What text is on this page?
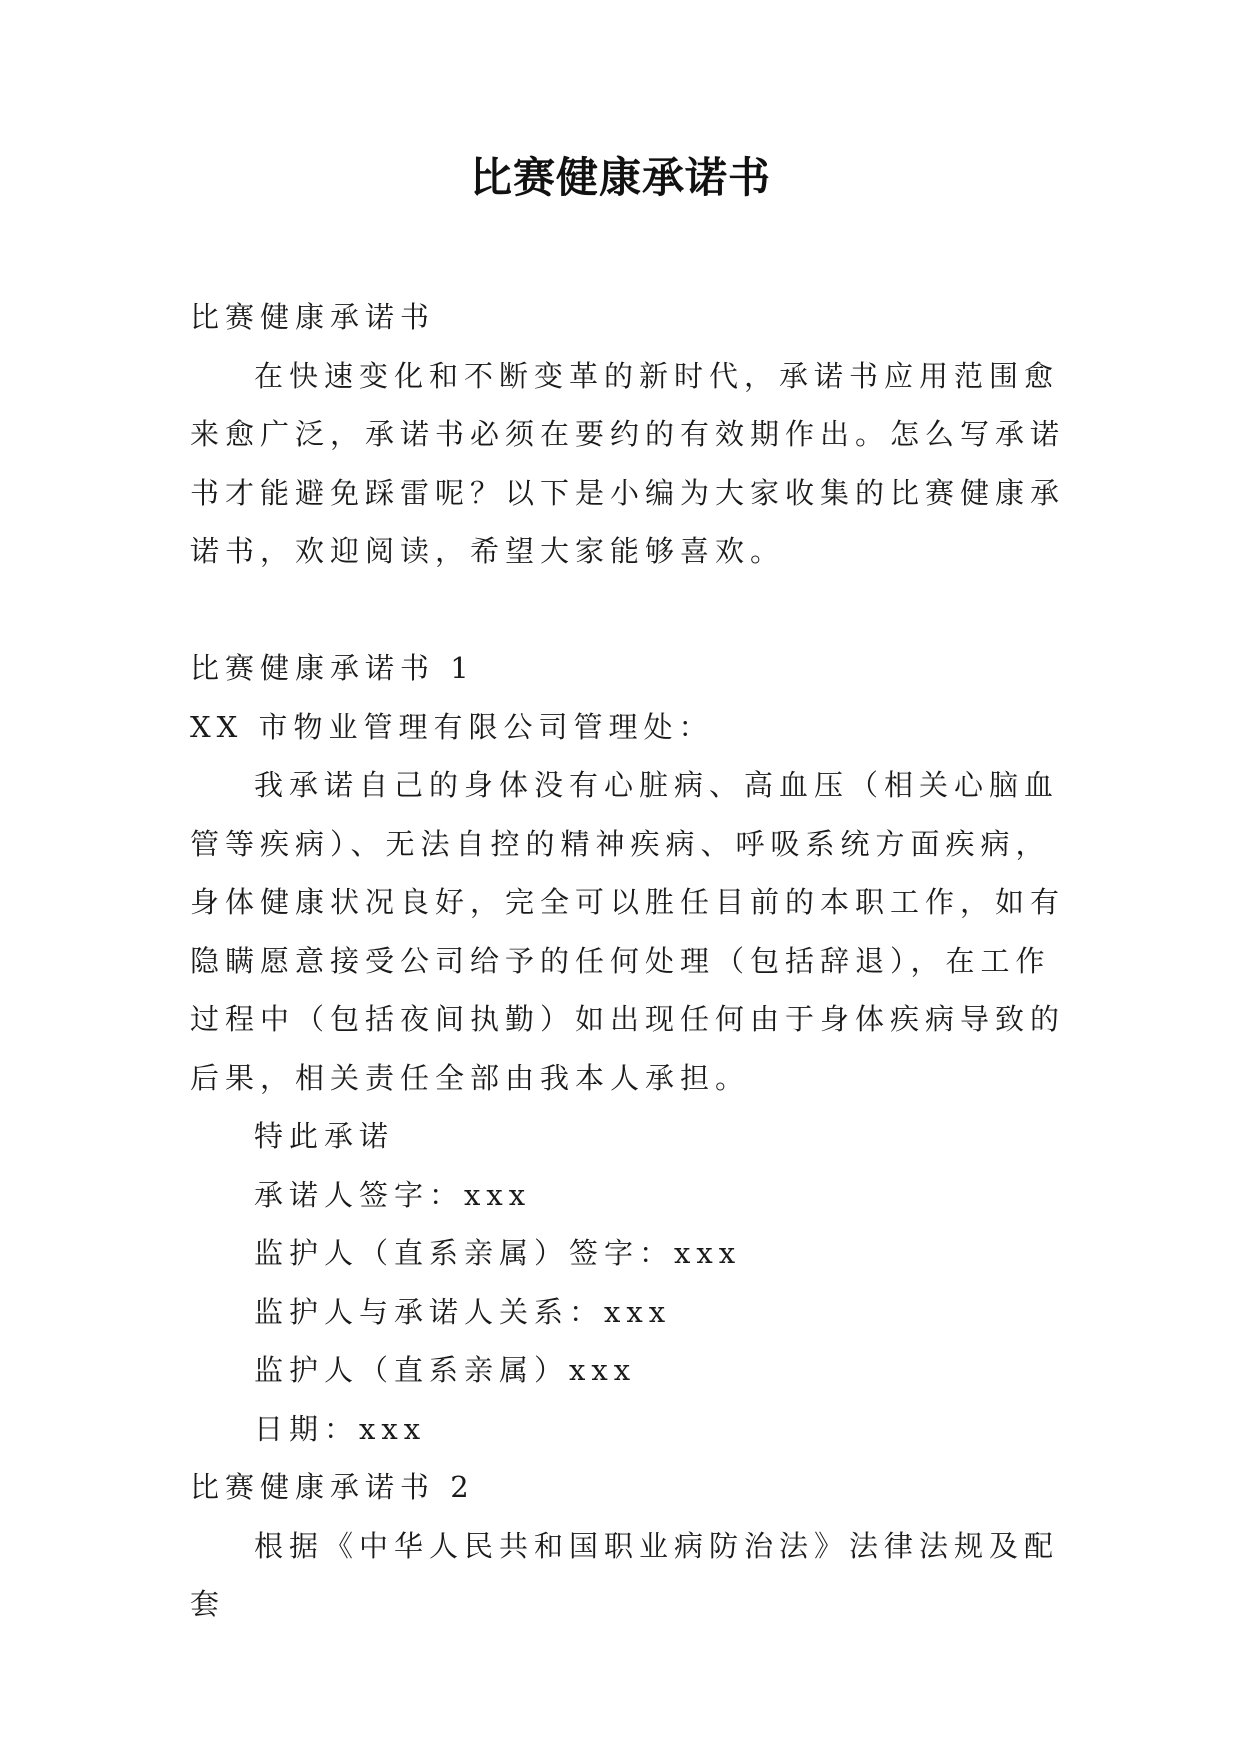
比赛健康承诺书

比赛健康承诺书

在快速变化和不断变革的新时代，承诺书应用范围愈来愈广泛，承诺书必须在要约的有效期作出。怎么写承诺书才能避免踩雷呢？以下是小编为大家收集的比赛健康承诺书，欢迎阅读，希望大家能够喜欢。

比赛健康承诺书 1

XX 市物业管理有限公司管理处：

我承诺自己的身体没有心脏病、高血压（相关心脑血管等疾病）、无法自控的精神疾病、呼吸系统方面疾病，身体健康状况良好，完全可以胜任目前的本职工作，如有隐瞒愿意接受公司给予的任何处理（包括辞退），在工作过程中（包括夜间执勤）如出现任何由于身体疾病导致的后果，相关责任全部由我本人承担。

特此承诺

承诺人签字：xxx

监护人（直系亲属）签字：xxx

监护人与承诺人关系：xxx

监护人（直系亲属）xxx

日期：xxx

比赛健康承诺书 2

根据《中华人民共和国职业病防治法》法律法规及配套
